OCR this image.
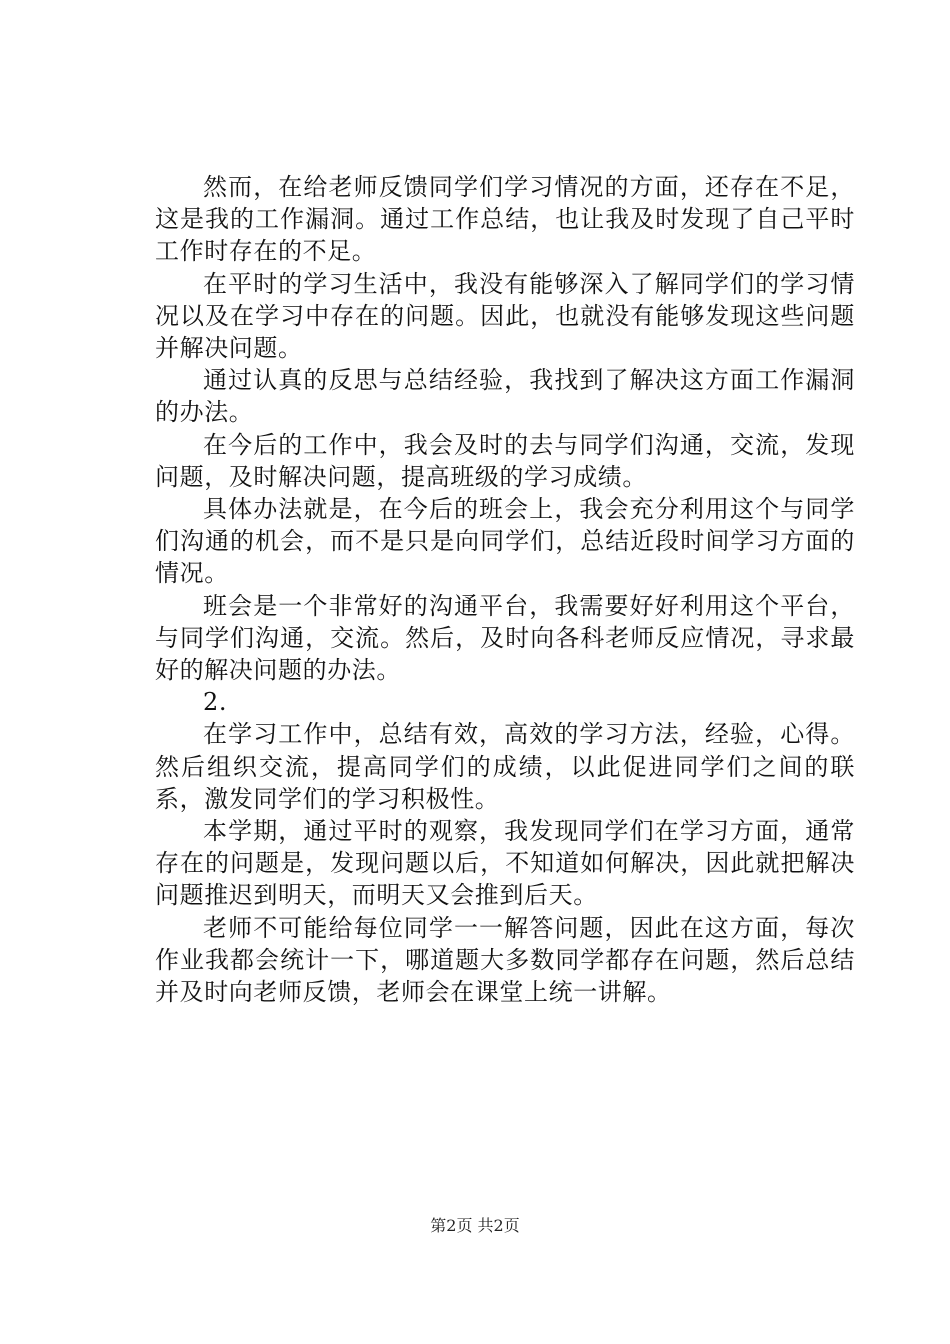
然而，在给老师反馈同学们学习情况的方面，还存在不足，这是我的工作漏洞。通过工作总结，也让我及时发现了自己平时工作时存在的不足。

在平时的学习生活中，我没有能够深入了解同学们的学习情况以及在学习中存在的问题。因此，也就没有能够发现这些问题并解决问题。

通过认真的反思与总结经验，我找到了解决这方面工作漏洞的办法。

在今后的工作中，我会及时的去与同学们沟通，交流，发现问题，及时解决问题，提高班级的学习成绩。

具体办法就是，在今后的班会上，我会充分利用这个与同学们沟通的机会，而不是只是向同学们，总结近段时间学习方面的情况。

班会是一个非常好的沟通平台，我需要好好利用这个平台，与同学们沟通，交流。然后，及时向各科老师反应情况，寻求最好的解决问题的办法。

2.

在学习工作中，总结有效，高效的学习方法，经验，心得。然后组织交流，提高同学们的成绩，以此促进同学们之间的联系，激发同学们的学习积极性。

本学期，通过平时的观察，我发现同学们在学习方面，通常存在的问题是，发现问题以后，不知道如何解决，因此就把解决问题推迟到明天，而明天又会推到后天。

老师不可能给每位同学一一解答问题，因此在这方面，每次作业我都会统计一下，哪道题大多数同学都存在问题，然后总结并及时向老师反馈，老师会在课堂上统一讲解。

第2页 共2页
